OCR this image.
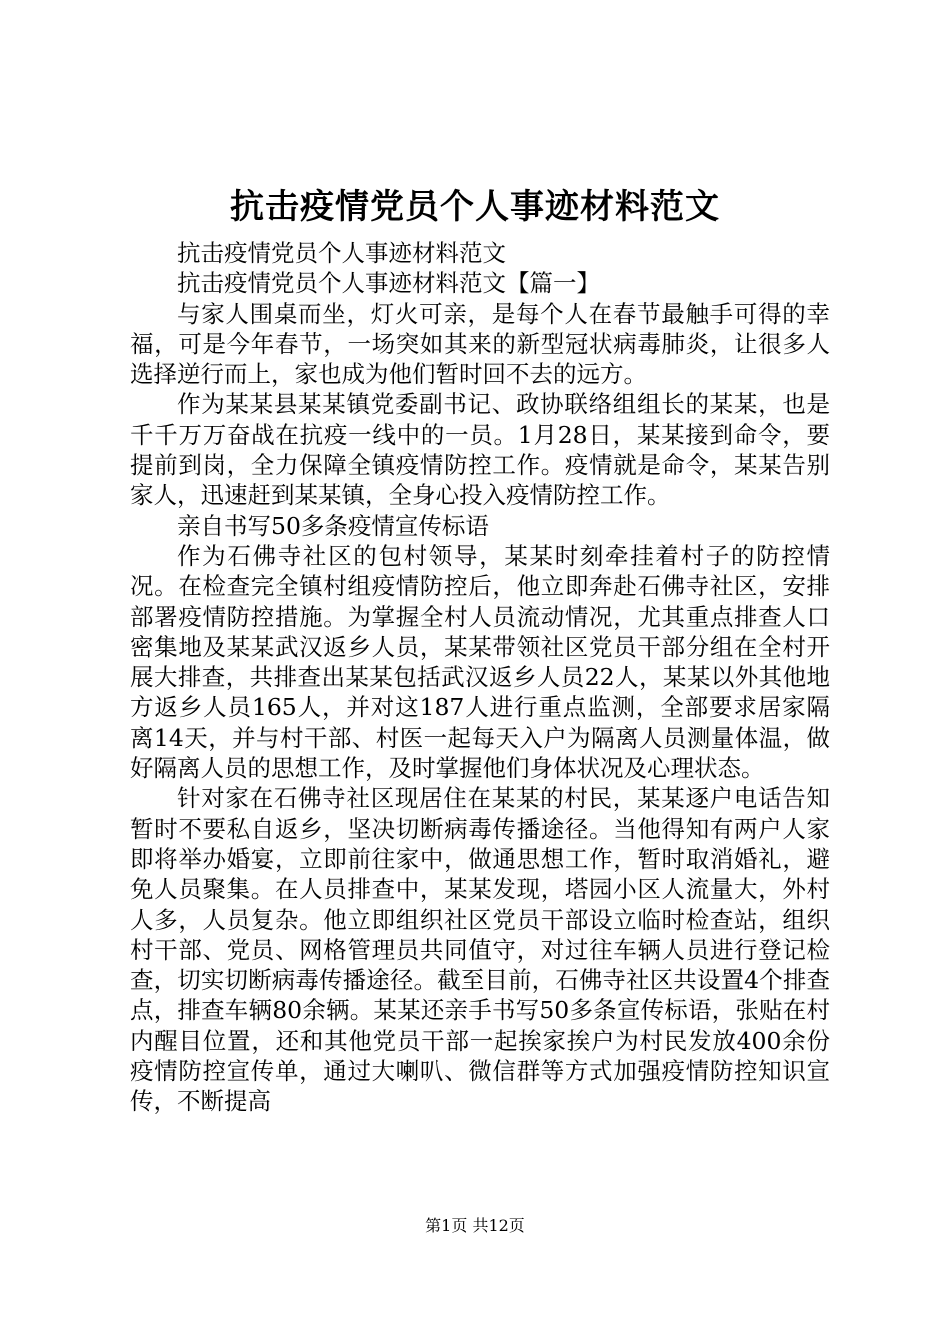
抗击疫情党员个人事迹材料范文

抗击疫情党员个人事迹材料范文

抗击疫情党员个人事迹材料范文【篇一】

与家人围桌而坐，灯火可亲，是每个人在春节最触手可得的幸福，可是今年春节，一场突如其来的新型冠状病毒肺炎，让很多人选择逆行而上，家也成为他们暂时回不去的远方。

作为某某县某某镇党委副书记、政协联络组组长的某某，也是千千万万奋战在抗疫一线中的一员。1月28日，某某接到命令，要提前到岗，全力保障全镇疫情防控工作。疫情就是命令，某某告别家人，迅速赶到某某镇，全身心投入疫情防控工作。

亲自书写50多条疫情宣传标语

作为石佛寺社区的包村领导，某某时刻牵挂着村子的防控情况。在检查完全镇村组疫情防控后，他立即奔赴石佛寺社区，安排部署疫情防控措施。为掌握全村人员流动情况，尤其重点排查人口密集地及某某武汉返乡人员，某某带领社区党员干部分组在全村开展大排查，共排查出某某包括武汉返乡人员22人，某某以外其他地方返乡人员165人，并对这187人进行重点监测，全部要求居家隔离14天，并与村干部、村医一起每天入户为隔离人员测量体温，做好隔离人员的思想工作，及时掌握他们身体状况及心理状态。

针对家在石佛寺社区现居住在某某的村民，某某逐户电话告知暂时不要私自返乡，坚决切断病毒传播途径。当他得知有两户人家即将举办婚宴，立即前往家中，做通思想工作，暂时取消婚礼，避免人员聚集。在人员排查中，某某发现，塔园小区人流量大，外村人多，人员复杂。他立即组织社区党员干部设立临时检查站，组织村干部、党员、网格管理员共同值守，对过往车辆人员进行登记检查，切实切断病毒传播途径。截至目前，石佛寺社区共设置4个排查点，排查车辆80余辆。某某还亲手书写50多条宣传标语，张贴在村内醒目位置，还和其他党员干部一起挨家挨户为村民发放400余份疫情防控宣传单，通过大喇叭、微信群等方式加强疫情防控知识宣传，不断提高

第1页 共12页
